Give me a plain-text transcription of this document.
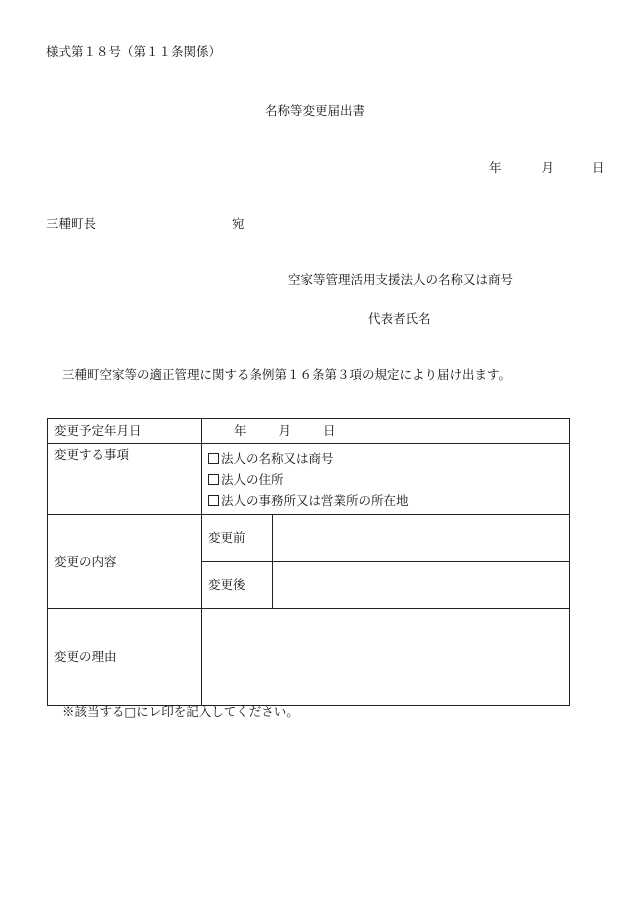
様式第１８号（第１１条関係）
名称等変更届出書
年	月	日
三種町長	宛
空家等管理活用支援法人の名称又は商号
代表者氏名
三種町空家等の適正管理に関する条例第１６条第３項の規定により届け出ます。
変更予定年月日	年 月 日	
変更する事項	法人の名称又は商号
法人の住所
法人の事務所又は営業所の所在地	

変更の内容	変更前	
	変更後	
変更の理由		
※該当する□にレ印を記入してください。
